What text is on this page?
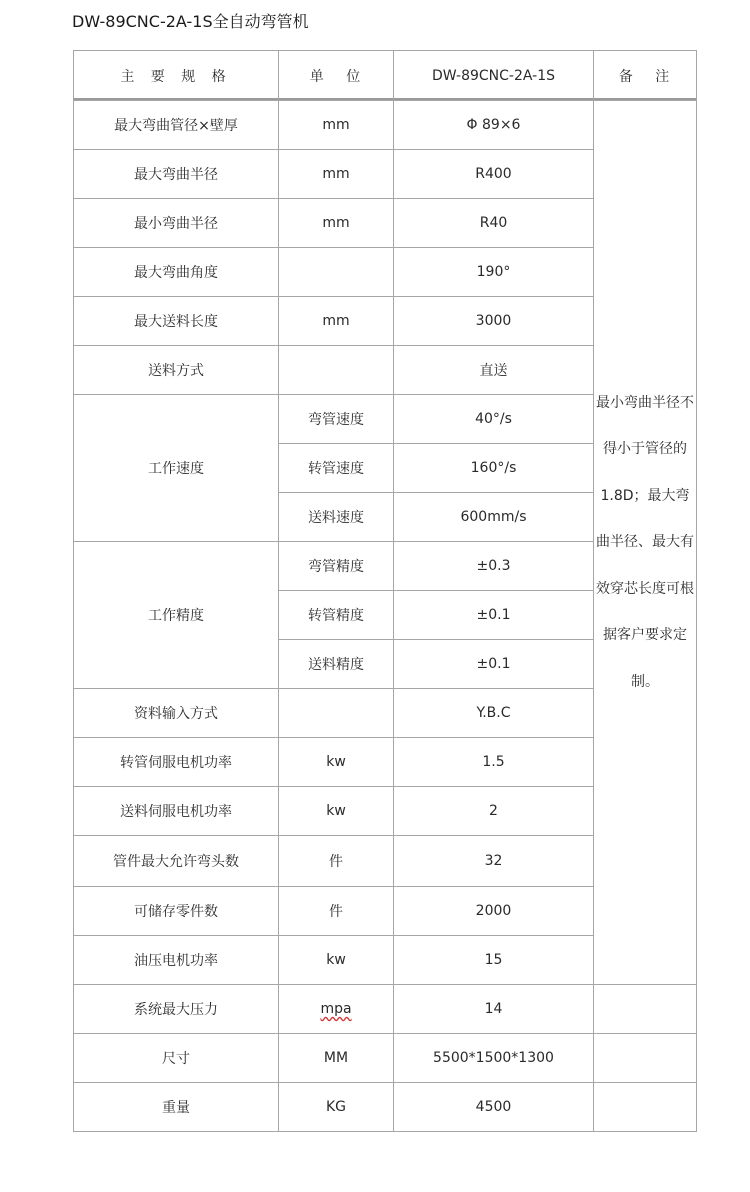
DW-89CNC-2A-1S全自动弯管机
主 要 规 格	单 位	DW-89CNC-2A-1S	备 注
最大弯曲管径×壁厚	mm	Φ 89×6	最小弯曲半径不得小于管径的 1.8D；最大弯曲半径、最大有效穿芯长度可根据客户要求定制。

最大弯曲半径	mm	R400	
最小弯曲半径	mm	R40	
最大弯曲角度		190°	
最大送料长度	mm	3000	
送料方式		直送	
工作速度	弯管速度	40°/s	
	转管速度	160°/s	
	送料速度	600mm/s	
工作精度	弯管精度	±0.3	
	转管精度	±0.1	
	送料精度	±0.1	
资料输入方式		Y.B.C	
转管伺服电机功率	kw	1.5	
送料伺服电机功率	kw	2	
管件最大允许弯头数	件	32	
可储存零件数	件	2000	
油压电机功率	kw	15	
系统最大压力	mpa	14	
尺寸	MM	5500*1500*1300	
重量	KG	4500	
